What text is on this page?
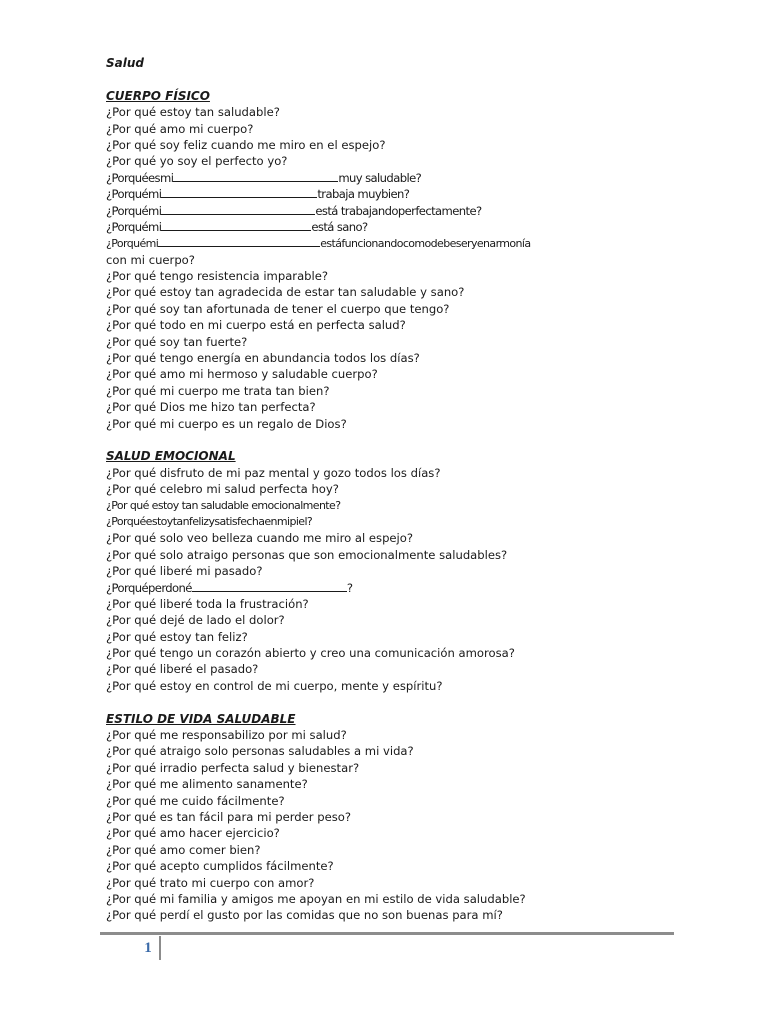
Salud
CUERPO FÍSICO
¿Por qué estoy tan saludable?
¿Por qué amo mi cuerpo?
¿Por qué soy feliz cuando me miro en el espejo?
¿Por qué yo soy el perfecto yo?
¿Porquéesmi	muy saludable?
¿Porquémi	trabaja muybien?
¿Porquémi	está trabajandoperfectamente?
¿Porquémi	está sano?
¿Porquémi	estáfuncionandocomodebeseryenarmonía
con mi cuerpo?
¿Por qué tengo resistencia imparable?
¿Por qué estoy tan agradecida de estar tan saludable y sano?
¿Por qué soy tan afortunada de tener el cuerpo que tengo?
¿Por qué todo en mi cuerpo está en perfecta salud?
¿Por qué soy tan fuerte?
¿Por qué tengo energía en abundancia todos los días?
¿Por qué amo mi hermoso y saludable cuerpo?
¿Por qué mi cuerpo me trata tan bien?
¿Por qué Dios me hizo tan perfecta?
¿Por qué mi cuerpo es un regalo de Dios?
SALUD EMOCIONAL
¿Por qué disfruto de mi paz mental y gozo todos los días?
¿Por qué celebro mi salud perfecta hoy?
¿Por qué estoy tan saludable emocionalmente?
¿Porquéestoytanfelizysatisfechaenmipiel?
¿Por qué solo veo belleza cuando me miro al espejo?
¿Por qué solo atraigo personas que son emocionalmente saludables?
¿Por qué liberé mi pasado?
¿Porquéperdoné	?
¿Por qué liberé toda la frustración?
¿Por qué dejé de lado el dolor?
¿Por qué estoy tan feliz?
¿Por qué tengo un corazón abierto y creo una comunicación amorosa?
¿Por qué liberé el pasado?
¿Por qué estoy en control de mi cuerpo, mente y espíritu?
ESTILO DE VIDA SALUDABLE
¿Por qué me responsabilizo por mi salud?
¿Por qué atraigo solo personas saludables a mi vida?
¿Por qué irradio perfecta salud y bienestar?
¿Por qué me alimento sanamente?
¿Por qué me cuido fácilmente?
¿Por qué es tan fácil para mi perder peso?
¿Por qué amo hacer ejercicio?
¿Por qué amo comer bien?
¿Por qué acepto cumplidos fácilmente?
¿Por qué trato mi cuerpo con amor?
¿Por qué mi familia y amigos me apoyan en mi estilo de vida saludable?
¿Por qué perdí el gusto por las comidas que no son buenas para mí?
1
